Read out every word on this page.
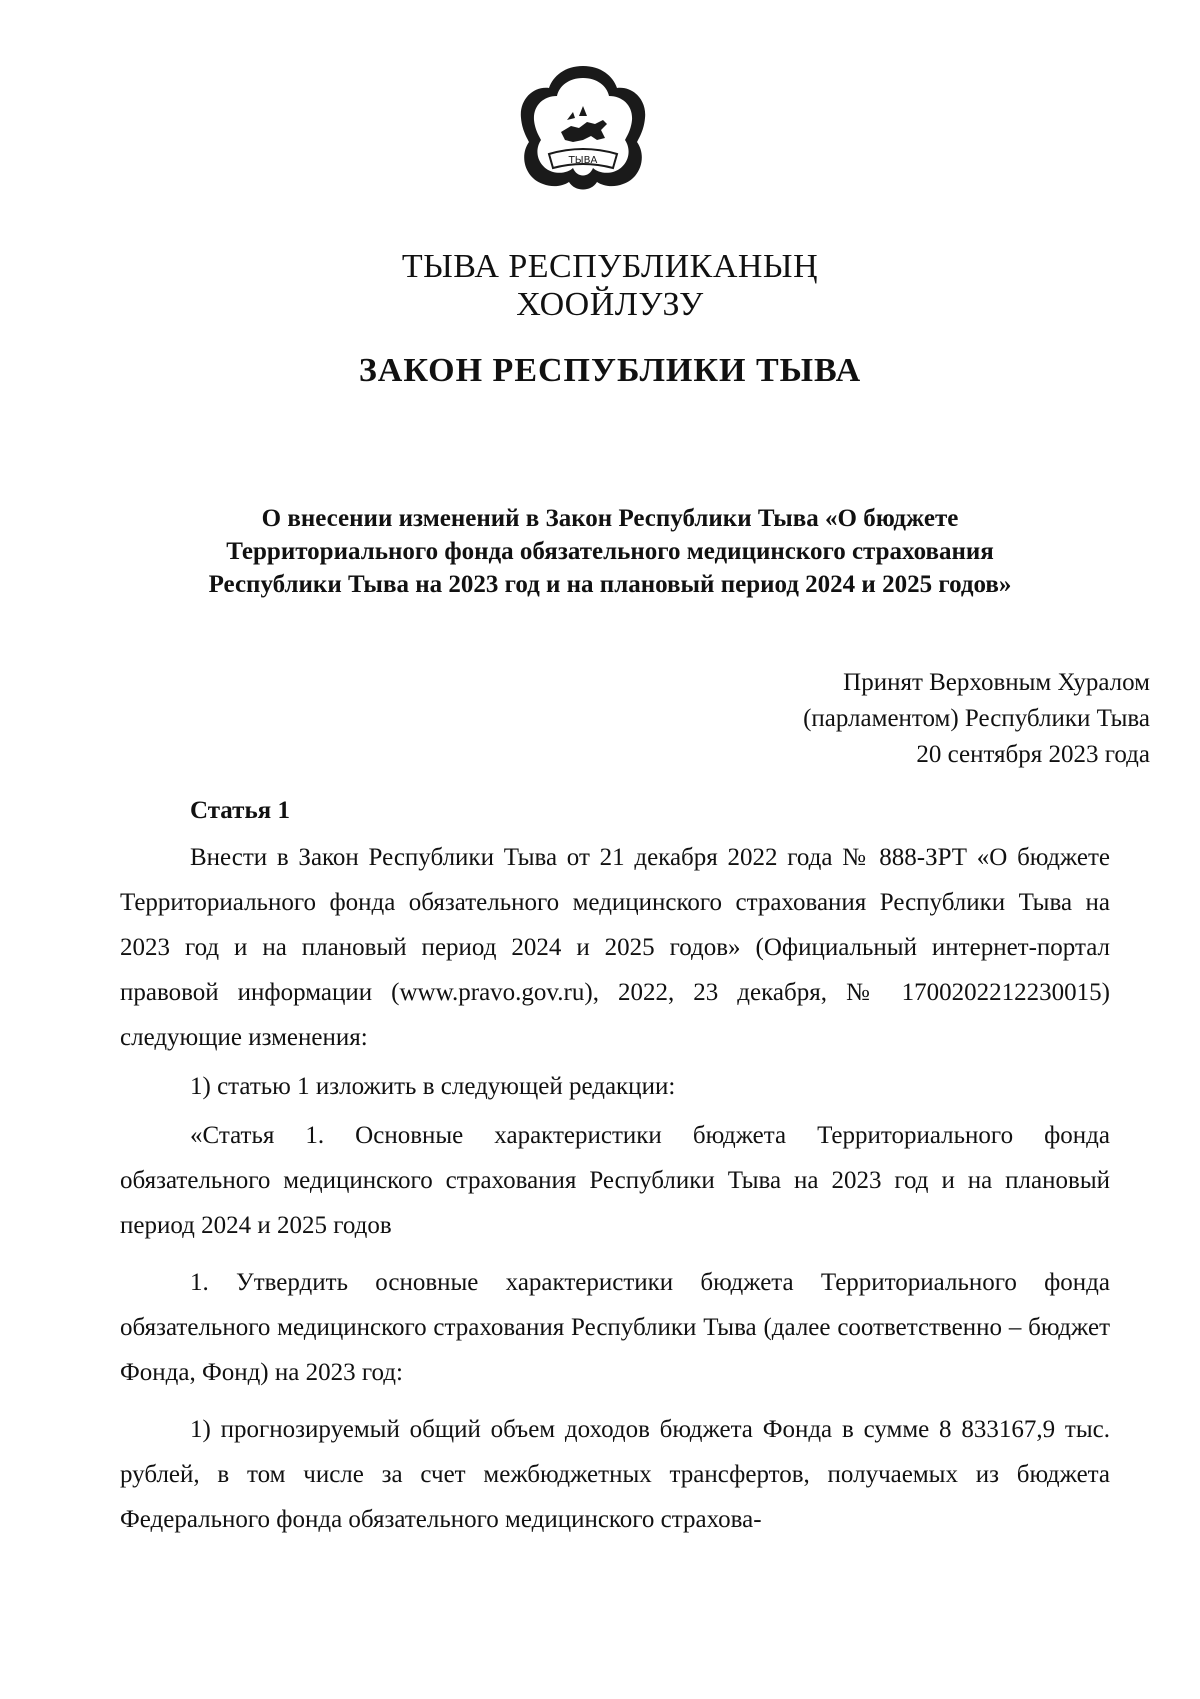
ТЫВА
ТЫВА РЕСПУБЛИКАНЫҢ
ХООЙЛУЗУ
ЗАКОН РЕСПУБЛИКИ ТЫВА
О внесении изменений в Закон Республики Тыва «О бюджете
Территориального фонда обязательного медицинского страхования
Республики Тыва на 2023 год и на плановый период 2024 и 2025 годов»
Принят Верховным Хуралом
(парламентом) Республики Тыва
20 сентября 2023 года
Статья 1

Внести в Закон Республики Тыва от 21 декабря 2022 года № 888-ЗРТ «О бюджете Территориального фонда обязательного медицинского страхования Республики Тыва на 2023 год и на плановый период 2024 и 2025 годов» (Официальный интернет-портал правовой информации (www.pravo.gov.ru), 2022, 23 декабря, № 1700202212230015) следующие изменения:

1) статью 1 изложить в следующей редакции:

«Статья 1. Основные характеристики бюджета Территориального фонда обязательного медицинского страхования Республики Тыва на 2023 год и на плановый период 2024 и 2025 годов

1. Утвердить основные характеристики бюджета Территориального фонда обязательного медицинского страхования Республики Тыва (далее соответственно – бюджет Фонда, Фонд) на 2023 год:

1) прогнозируемый общий объем доходов бюджета Фонда в сумме 8 833167,9 тыс. рублей, в том числе за счет межбюджетных трансфертов, получаемых из бюджета Федерального фонда обязательного медицинского страхова-
